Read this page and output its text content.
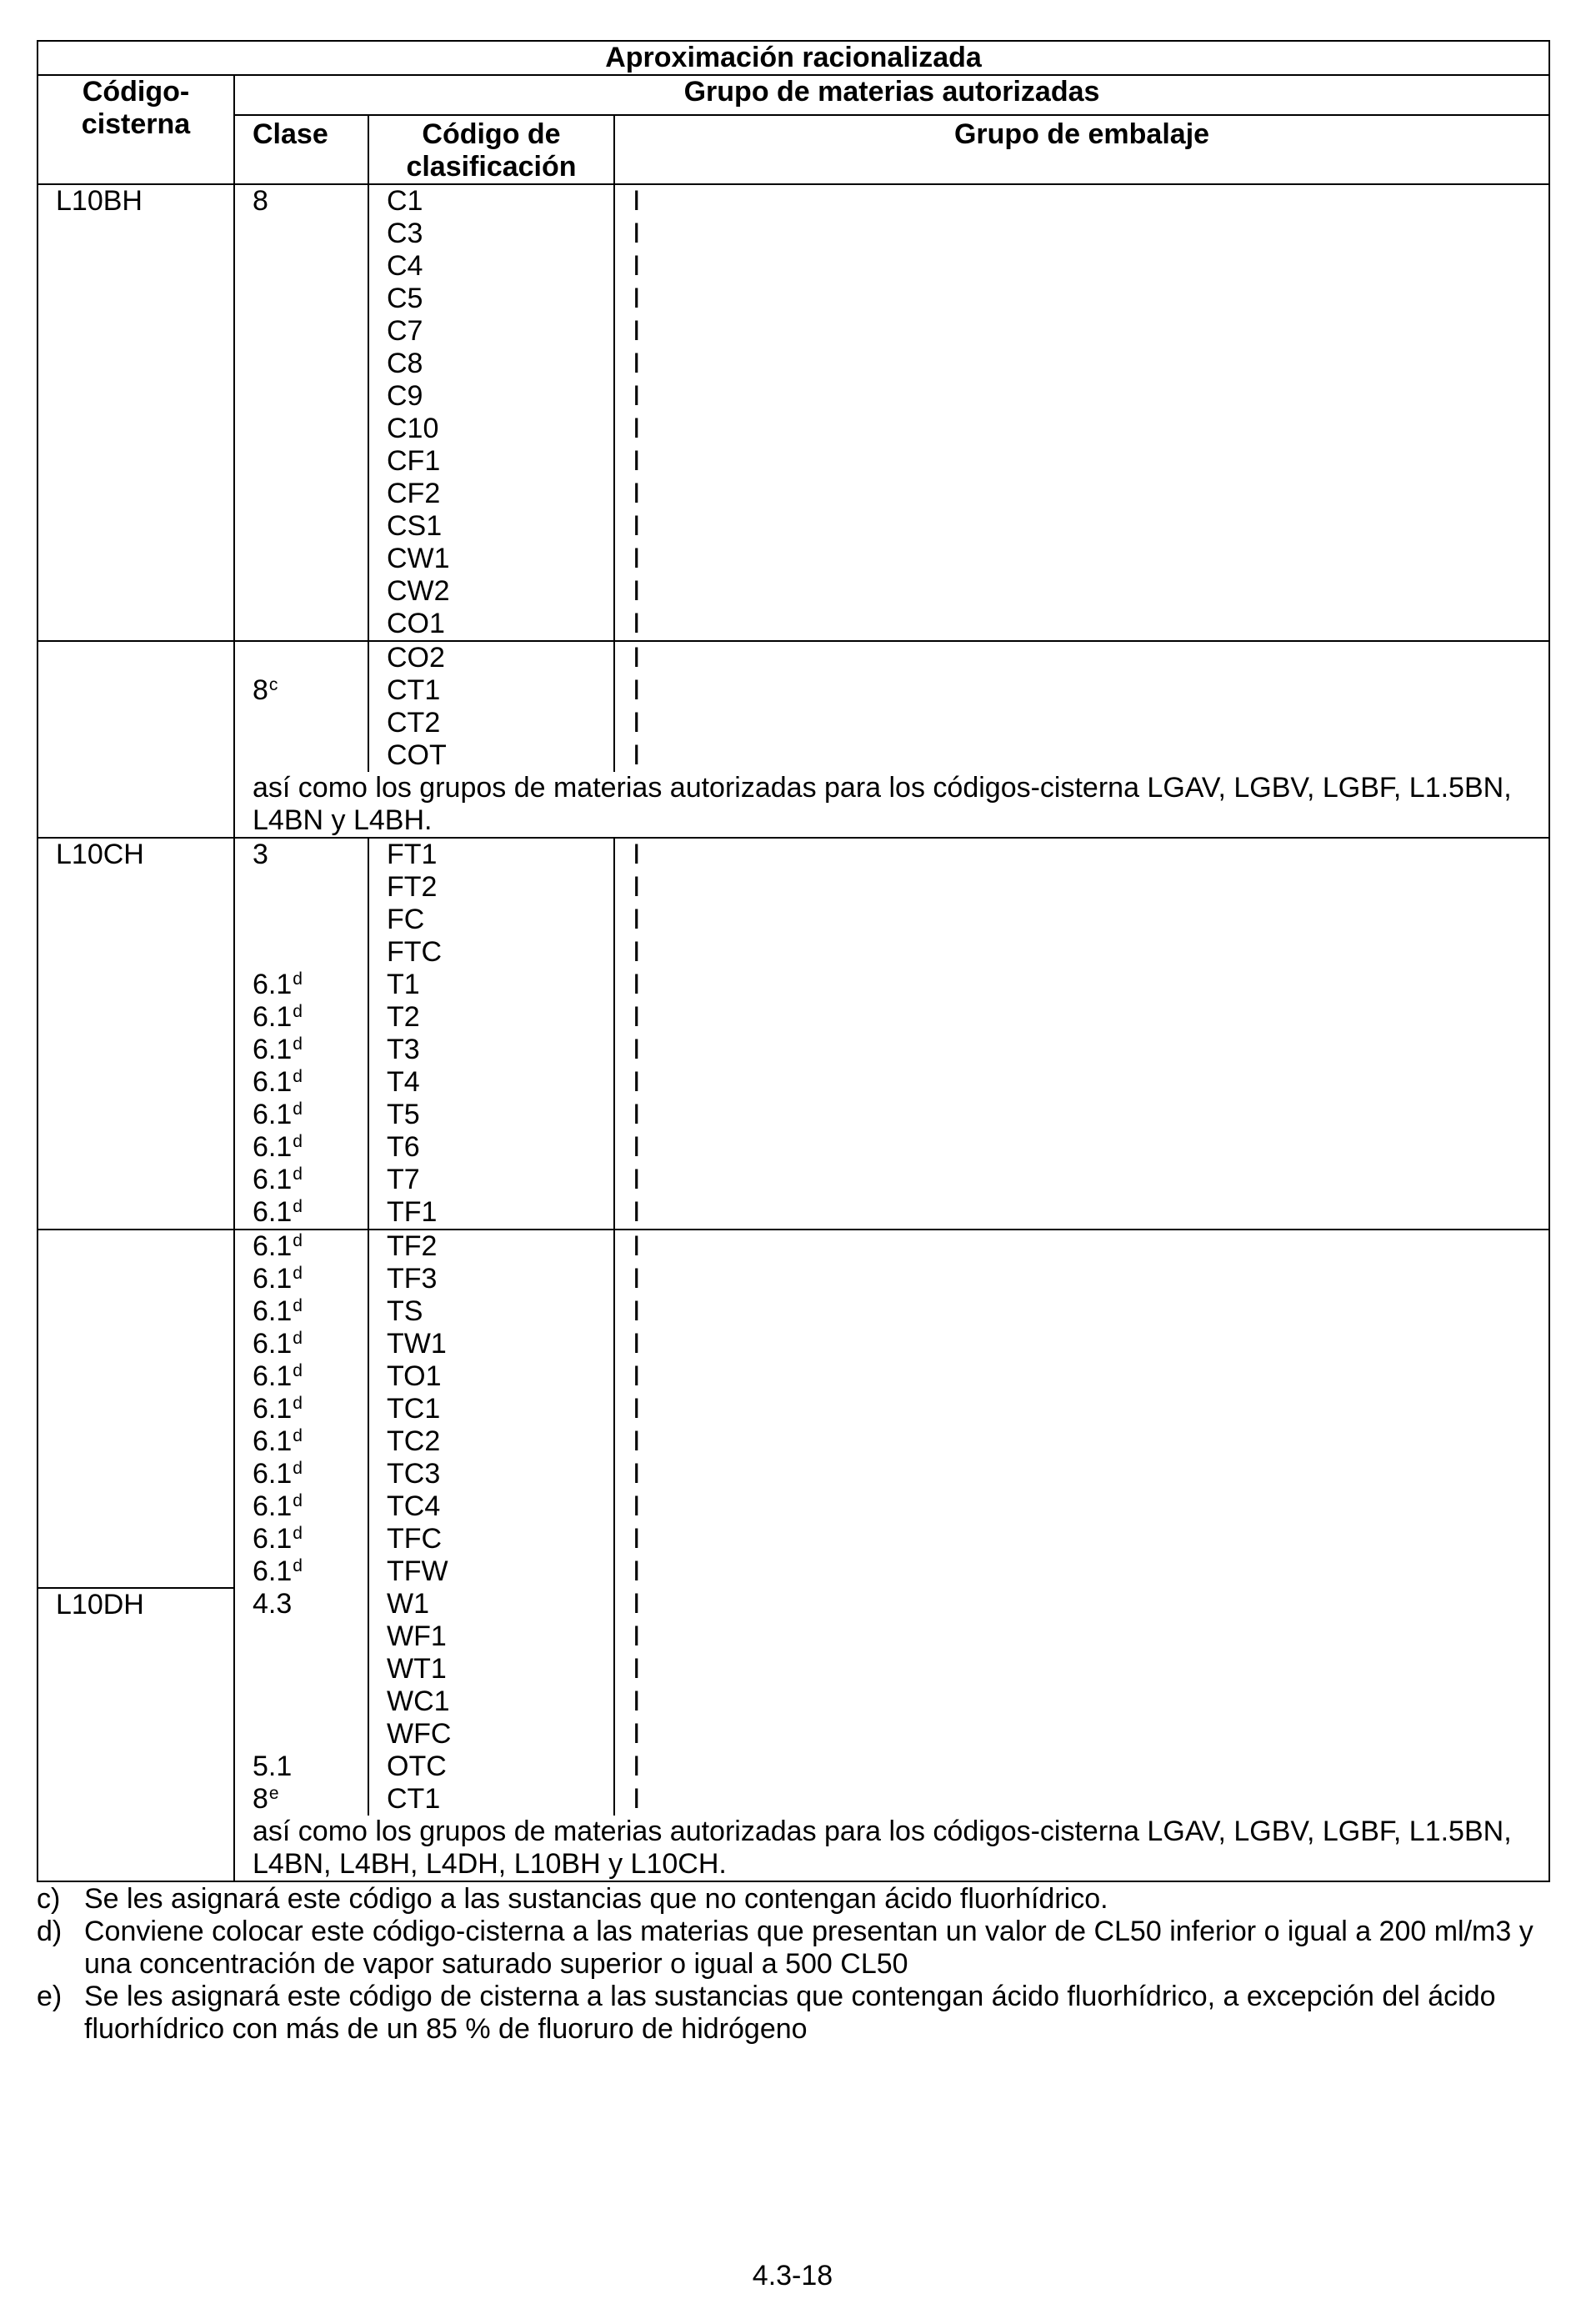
Aproximación racionalizada			

Código-
cisterna	Grupo de materias autorizadas		
	Clase	Código de
clasificación	Grupo de embalaje
L10BH	8	C1	I
		C3	I
		C4	I
		C5	I
		C7	I
		C8	I
		C9	I
		C10	I
		CF1	I
		CF2	I
		CS1	I
		CW1	I
		CW2	I
		CO1	I
		CO2	I
	8$^c$	CT1	I
		CT2	I
		COT	I

	así como los grupos de materias autorizadas para los códigos-cisterna LGAV, LGBV, LGBF, L1.5BN,
L4BN y L4BH.		

L10CH	3	FT1	I
		FT2	I
		FC	I
		FTC	I
	6.1$^d$	T1	I
	6.1$^d$	T2	I
	6.1$^d$	T3	I
	6.1$^d$	T4	I
	6.1$^d$	T5	I
	6.1$^d$	T6	I
	6.1$^d$	T7	I
	6.1$^d$	TF1	I
	6.1$^d$	TF2	I
	6.1$^d$	TF3	I
	6.1$^d$	TS	I
	6.1$^d$	TW1	I
	6.1$^d$	TO1	I
	6.1$^d$	TC1	I
	6.1$^d$	TC2	I
	6.1$^d$	TC3	I
	6.1$^d$	TC4	I
	6.1$^d$	TFC	I
	6.1$^d$	TFW	I
L10DH	4.3	W1	I
		WF1	I
		WT1	I
		WC1	I
		WFC	I
	5.1	OTC	I
	8e	CT1	I

	así como los grupos de materias autorizadas para los códigos-cisterna LGAV, LGBV, LGBF, L1.5BN,
L4BN, L4BH, L4DH, L10BH y L10CH.		
c) Se les asignará este código a las sustancias que no contengan ácido fluorhídrico.
d) Conviene colocar este código-cisterna a las materias que presentan un valor de CL50 inferior o igual a 200 ml/m3 y
una concentración de vapor saturado superior o igual a 500 CL50
e) Se les asignará este código de cisterna a las sustancias que contengan ácido fluorhídrico, a excepción del ácido
fluorhídrico con más de un 85 % de fluoruro de hidrógeno
4.3-18
